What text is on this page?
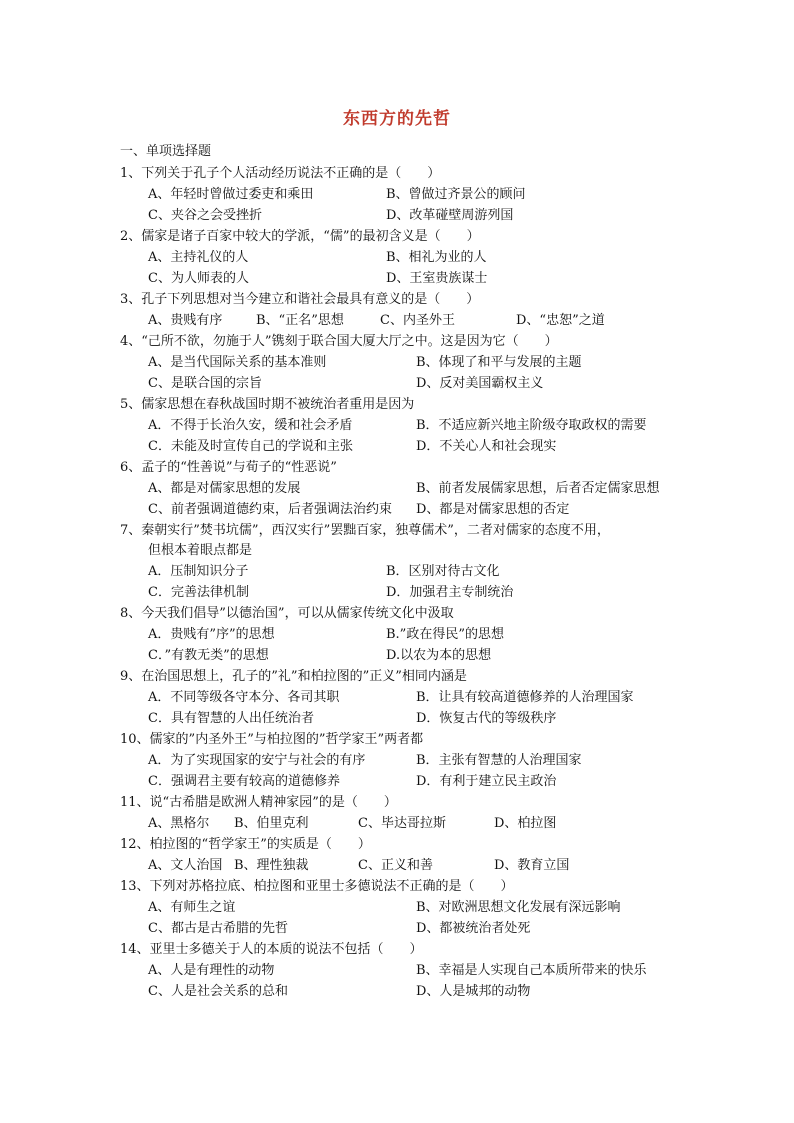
东西方的先哲
一、单项选择题
1、下列关于孔子个人活动经历说法不正确的是（　　）
A、年轻时曾做过委吏和乘田	B、曾做过齐景公的顾问
C、夹谷之会受挫折	D、改革碰壁周游列国
2、儒家是诸子百家中较大的学派，“儒”的最初含义是（　　）
A、主持礼仪的人	B、相礼为业的人
C、为人师表的人	D、王室贵族谋士
3、孔子下列思想对当今建立和谐社会最具有意义的是（　　）
A、贵贱有序	B、“正名”思想	C、内圣外王	D、“忠恕”之道
4、“己所不欲，勿施于人”镌刻于联合国大厦大厅之中。这是因为它（　　）
A、是当代国际关系的基本准则	B、体现了和平与发展的主题
C、是联合国的宗旨	D、反对美国霸权主义
5、儒家思想在春秋战国时期不被统治者重用是因为
A．不得于长治久安，缓和社会矛盾	B．不适应新兴地主阶级夺取政权的需要
C．未能及时宣传自己的学说和主张	D．不关心人和社会现实
6、孟子的“性善说”与荀子的“性恶说”
A、都是对儒家思想的发展	B、前者发展儒家思想，后者否定儒家思想
C、前者强调道德约束，后者强调法治约束	D、都是对儒家思想的否定
7、秦朝实行”焚书坑儒”，西汉实行”罢黜百家，独尊儒术”，二者对儒家的态度不用，
但根本着眼点都是
A．压制知识分子	B．区别对待古文化
C．完善法律机制	D．加强君主专制统治
8、今天我们倡导”以德治国”，可以从儒家传统文化中汲取
A．贵贱有”序”的思想	B.”政在得民”的思想
C．”有教无类”的思想	D.以农为本的思想
9、在治国思想上，孔子的”礼”和柏拉图的”正义”相同内涵是
A．不同等级各守本分、各司其职	B．让具有较高道德修养的人治理国家
C．具有智慧的人出任统治者	D．恢复古代的等级秩序
10、儒家的”内圣外王”与柏拉图的”哲学家王”两者都
A．为了实现国家的安宁与社会的有序	B．主张有智慧的人治理国家
C．强调君主要有较高的道德修养	D．有利于建立民主政治
11、说“古希腊是欧洲人精神家园”的是（　　）
A、黑格尔	B、伯里克利	C、毕达哥拉斯	D、柏拉图
12、柏拉图的“哲学家王”的实质是（　　）
A、文人治国 B、理性独裁	C、正义和善	D、教育立国
13、下列对苏格拉底、柏拉图和亚里士多德说法不正确的是（　　）
A、有师生之谊	B、对欧洲思想文化发展有深远影响
C、都古是古希腊的先哲	D、都被统治者处死
14、亚里士多德关于人的本质的说法不包括（　　）
A、人是有理性的动物	B、幸福是人实现自己本质所带来的快乐
C、人是社会关系的总和	D、人是城邦的动物
